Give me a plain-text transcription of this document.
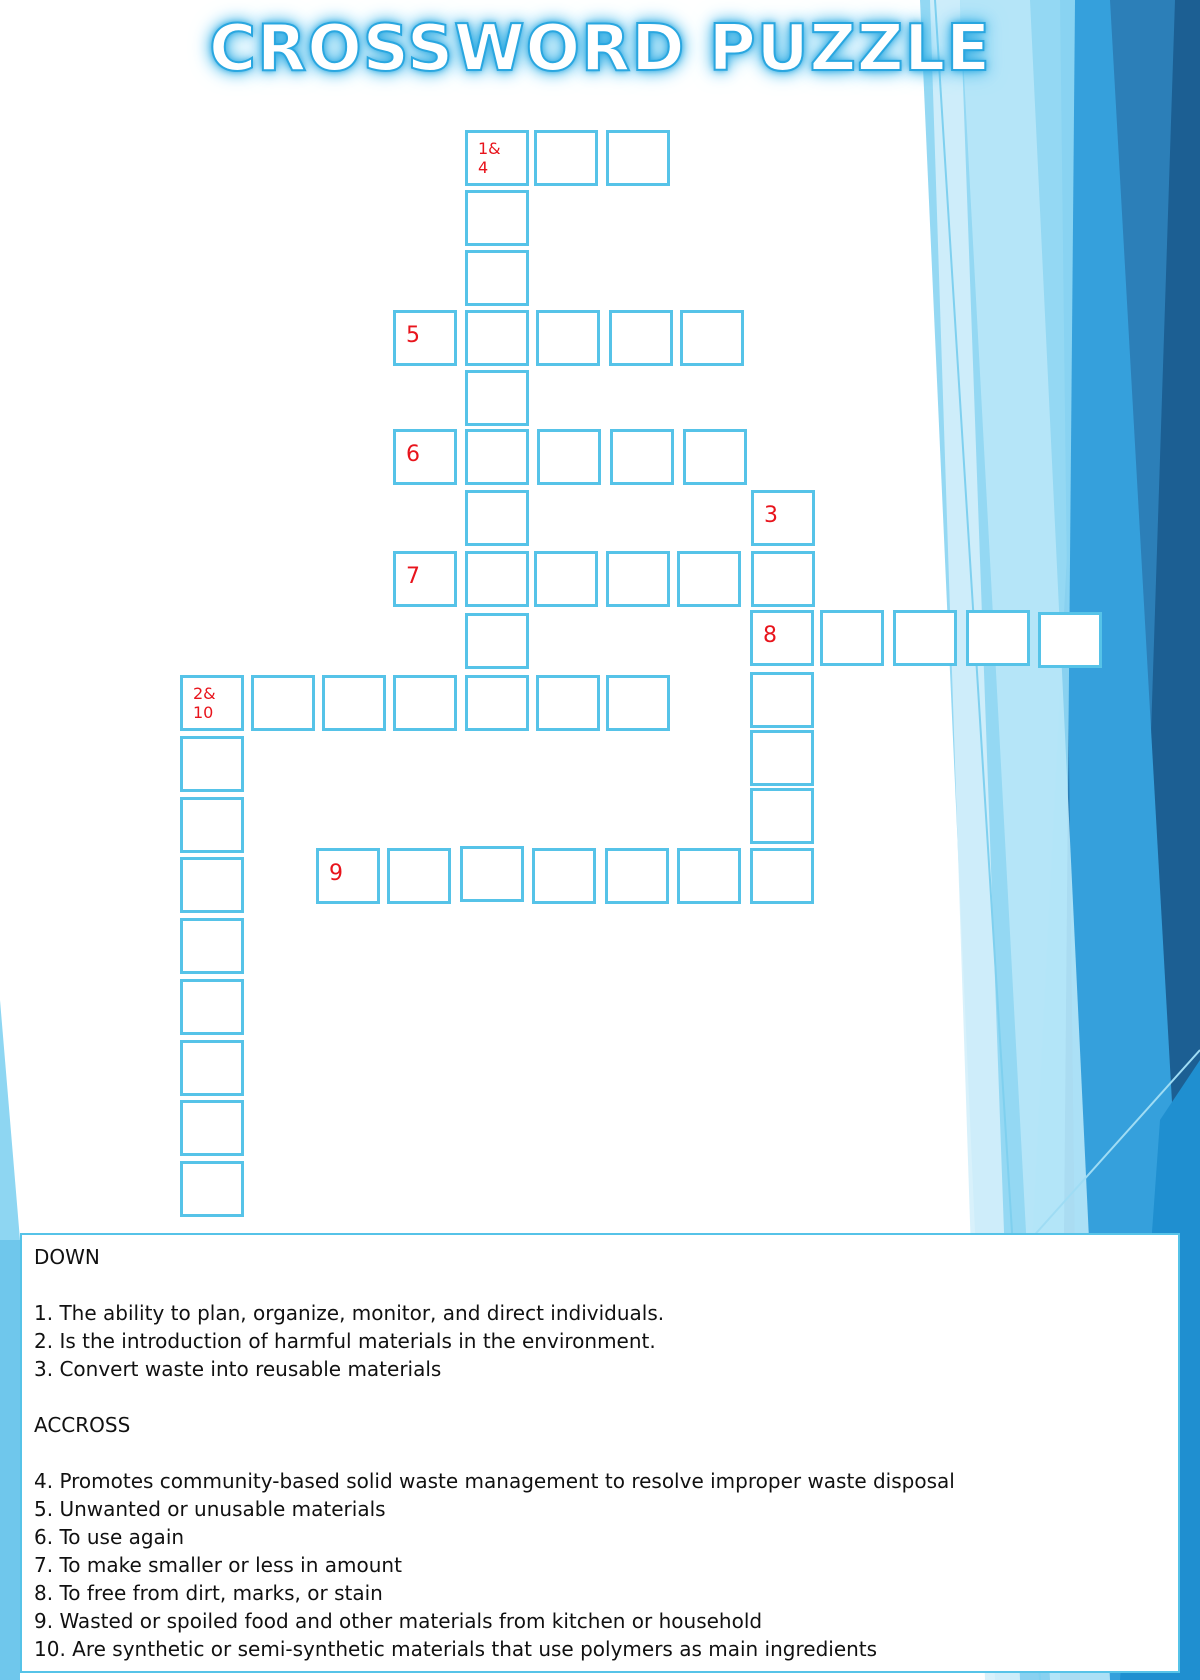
CROSSWORD PUZZLE
1&
4
5
6
3
7
8
2&
10
9
DOWN
1. The ability to plan, organize, monitor, and direct individuals.
2. Is the introduction of harmful materials in the environment.
3. Convert waste into reusable materials
ACCROSS
4. Promotes community-based solid waste management to resolve improper waste disposal
5. Unwanted or unusable materials
6. To use again
7. To make smaller or less in amount
8. To free from dirt, marks, or stain
9. Wasted or spoiled food and other materials from kitchen or household
10. Are synthetic or semi-synthetic materials that use polymers as main ingredients
